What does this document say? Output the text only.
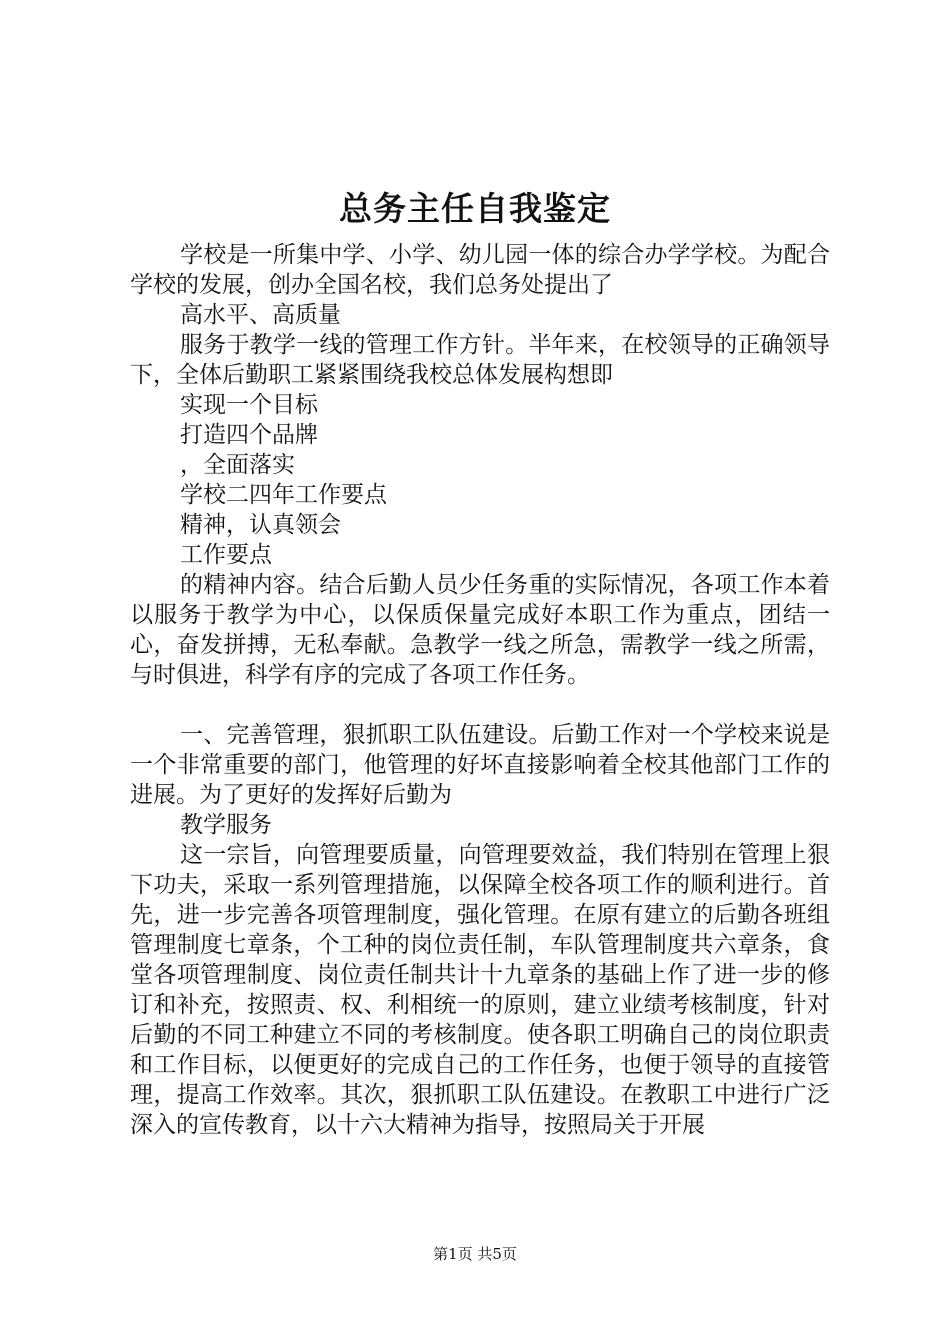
总务主任自我鉴定

学校是一所集中学、小学、幼儿园一体的综合办学学校。为配合学校的发展，创办全国名校，我们总务处提出了

高水平、高质量

服务于教学一线的管理工作方针。半年来，在校领导的正确领导下，全体后勤职工紧紧围绕我校总体发展构想即

实现一个目标

打造四个品牌

，全面落实

学校二四年工作要点

精神，认真领会

工作要点

的精神内容。结合后勤人员少任务重的实际情况，各项工作本着以服务于教学为中心，以保质保量完成好本职工作为重点，团结一心，奋发拼搏，无私奉献。急教学一线之所急，需教学一线之所需，与时俱进，科学有序的完成了各项工作任务。

一、完善管理，狠抓职工队伍建设。后勤工作对一个学校来说是一个非常重要的部门，他管理的好坏直接影响着全校其他部门工作的进展。为了更好的发挥好后勤为

教学服务

这一宗旨，向管理要质量，向管理要效益，我们特别在管理上狠下功夫，采取一系列管理措施，以保障全校各项工作的顺利进行。首先，进一步完善各项管理制度，强化管理。在原有建立的后勤各班组管理制度七章条，个工种的岗位责任制，车队管理制度共六章条，食堂各项管理制度、岗位责任制共计十九章条的基础上作了进一步的修订和补充，按照责、权、利相统一的原则，建立业绩考核制度，针对后勤的不同工种建立不同的考核制度。使各职工明确自己的岗位职责和工作目标，以便更好的完成自己的工作任务，也便于领导的直接管理，提高工作效率。其次，狠抓职工队伍建设。在教职工中进行广泛深入的宣传教育，以十六大精神为指导，按照局关于开展

第1页 共5页
